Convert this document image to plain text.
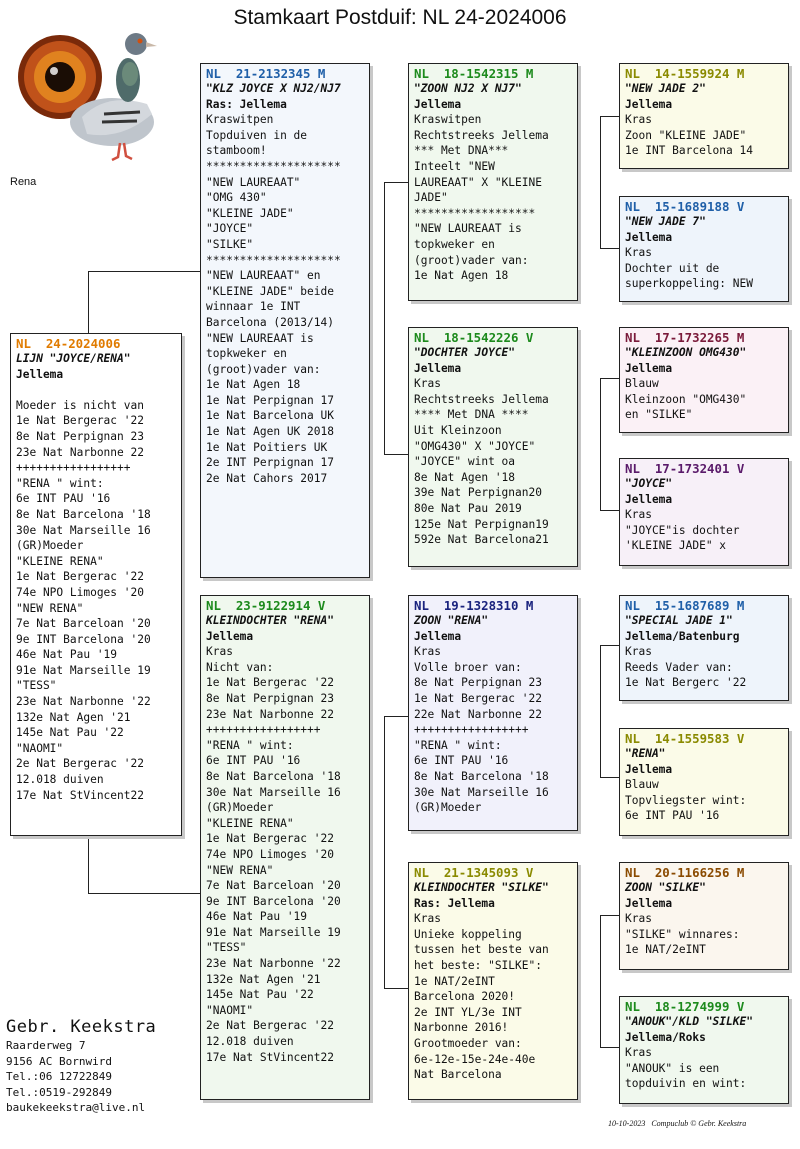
Stamkaart Postduif: NL 24-2024006
Rena
NL  24-2024006
LIJN "JOYCE/RENA"
Jellema

Moeder is nicht van
1e Nat Bergerac '22
8e Nat Perpignan 23
23e Nat Narbonne 22
+++++++++++++++++
"RENA " wint:
6e INT PAU '16
8e Nat Barcelona '18
30e Nat Marseille 16
(GR)Moeder
"KLEINE RENA"
1e Nat Bergerac '22
74e NPO Limoges '20
"NEW RENA"
7e Nat Barceloan '20
9e INT Barcelona '20
46e Nat Pau '19
91e Nat Marseille 19
"TESS"
23e Nat Narbonne '22
132e Nat Agen '21
145e Nat Pau '22
"NAOMI"
2e Nat Bergerac '22
12.018 duiven
17e Nat StVincent22
NL  21-2132345 M
"KLZ JOYCE X NJ2/NJ7
Ras: Jellema
Kraswitpen
Topduiven in de
stamboom!
********************
"NEW LAUREAAT"
"OMG 430"
"KLEINE JADE"
"JOYCE"
"SILKE"
********************
"NEW LAUREAAT" en
"KLEINE JADE" beide
winnaar 1e INT
Barcelona (2013/14)
"NEW LAUREAAT is
topkweker en
(groot)vader van:
1e Nat Agen 18
1e Nat Perpignan 17
1e Nat Barcelona UK
1e Nat Agen UK 2018
1e Nat Poitiers UK
2e INT Perpignan 17
2e Nat Cahors 2017
NL  23-9122914 V
KLEINDOCHTER "RENA"
Jellema
Kras
Nicht van:
1e Nat Bergerac '22
8e Nat Perpignan 23
23e Nat Narbonne 22
+++++++++++++++++
"RENA " wint:
6e INT PAU '16
8e Nat Barcelona '18
30e Nat Marseille 16
(GR)Moeder
"KLEINE RENA"
1e Nat Bergerac '22
74e NPO Limoges '20
"NEW RENA"
7e Nat Barceloan '20
9e INT Barcelona '20
46e Nat Pau '19
91e Nat Marseille 19
"TESS"
23e Nat Narbonne '22
132e Nat Agen '21
145e Nat Pau '22
"NAOMI"
2e Nat Bergerac '22
12.018 duiven
17e Nat StVincent22
NL  18-1542315 M
"ZOON NJ2 X NJ7"
Jellema
Kraswitpen
Rechtstreeks Jellema
*** Met DNA***
Inteelt "NEW
LAUREAAT" X "KLEINE
JADE"
******************
"NEW LAUREAAT is
topkweker en
(groot)vader van:
1e Nat Agen 18
NL  18-1542226 V
"DOCHTER JOYCE"
Jellema
Kras
Rechtstreeks Jellema
**** Met DNA ****
Uit Kleinzoon
"OMG430" X "JOYCE"
"JOYCE" wint oa
8e Nat Agen '18
39e Nat Perpignan20
80e Nat Pau 2019
125e Nat Perpignan19
592e Nat Barcelona21
NL  19-1328310 M
ZOON "RENA"
Jellema
Kras
Volle broer van:
8e Nat Perpignan 23
1e Nat Bergerac '22
22e Nat Narbonne 22
+++++++++++++++++
"RENA " wint:
6e INT PAU '16
8e Nat Barcelona '18
30e Nat Marseille 16
(GR)Moeder
NL  21-1345093 V
KLEINDOCHTER "SILKE"
Ras: Jellema
Kras
Unieke koppeling
tussen het beste van
het beste: "SILKE":
1e NAT/2eINT
Barcelona 2020!
2e INT YL/3e INT
Narbonne 2016!
Grootmoeder van:
6e-12e-15e-24e-40e
Nat Barcelona
NL  14-1559924 M
"NEW JADE 2"
Jellema
Kras
Zoon "KLEINE JADE"
1e INT Barcelona 14
NL  15-1689188 V
"NEW JADE 7"
Jellema
Kras
Dochter uit de
superkoppeling: NEW
NL  17-1732265 M
"KLEINZOON OMG430"
Jellema
Blauw
Kleinzoon "OMG430"
en "SILKE"
NL  17-1732401 V
"JOYCE"
Jellema
Kras
"JOYCE"is dochter
'KLEINE JADE" x
NL  15-1687689 M
"SPECIAL JADE 1"
Jellema/Batenburg
Kras
Reeds Vader van:
1e Nat Bergerc '22
NL  14-1559583 V
"RENA"
Jellema
Blauw
Topvliegster wint:
6e INT PAU '16
NL  20-1166256 M
ZOON "SILKE"
Jellema
Kras
"SILKE" winnares:
1e NAT/2eINT
NL  18-1274999 V
"ANOUK"/KLD "SILKE"
Jellema/Roks
Kras
"ANOUK" is een
topduivin en wint:
Gebr. Keekstra
Raarderweg 7
9156 AC Bornwird
Tel.:06 12722849
Tel.:0519-292849
baukekeekstra@live.nl
10-10-2023   Compuclub © Gebr. Keekstra
